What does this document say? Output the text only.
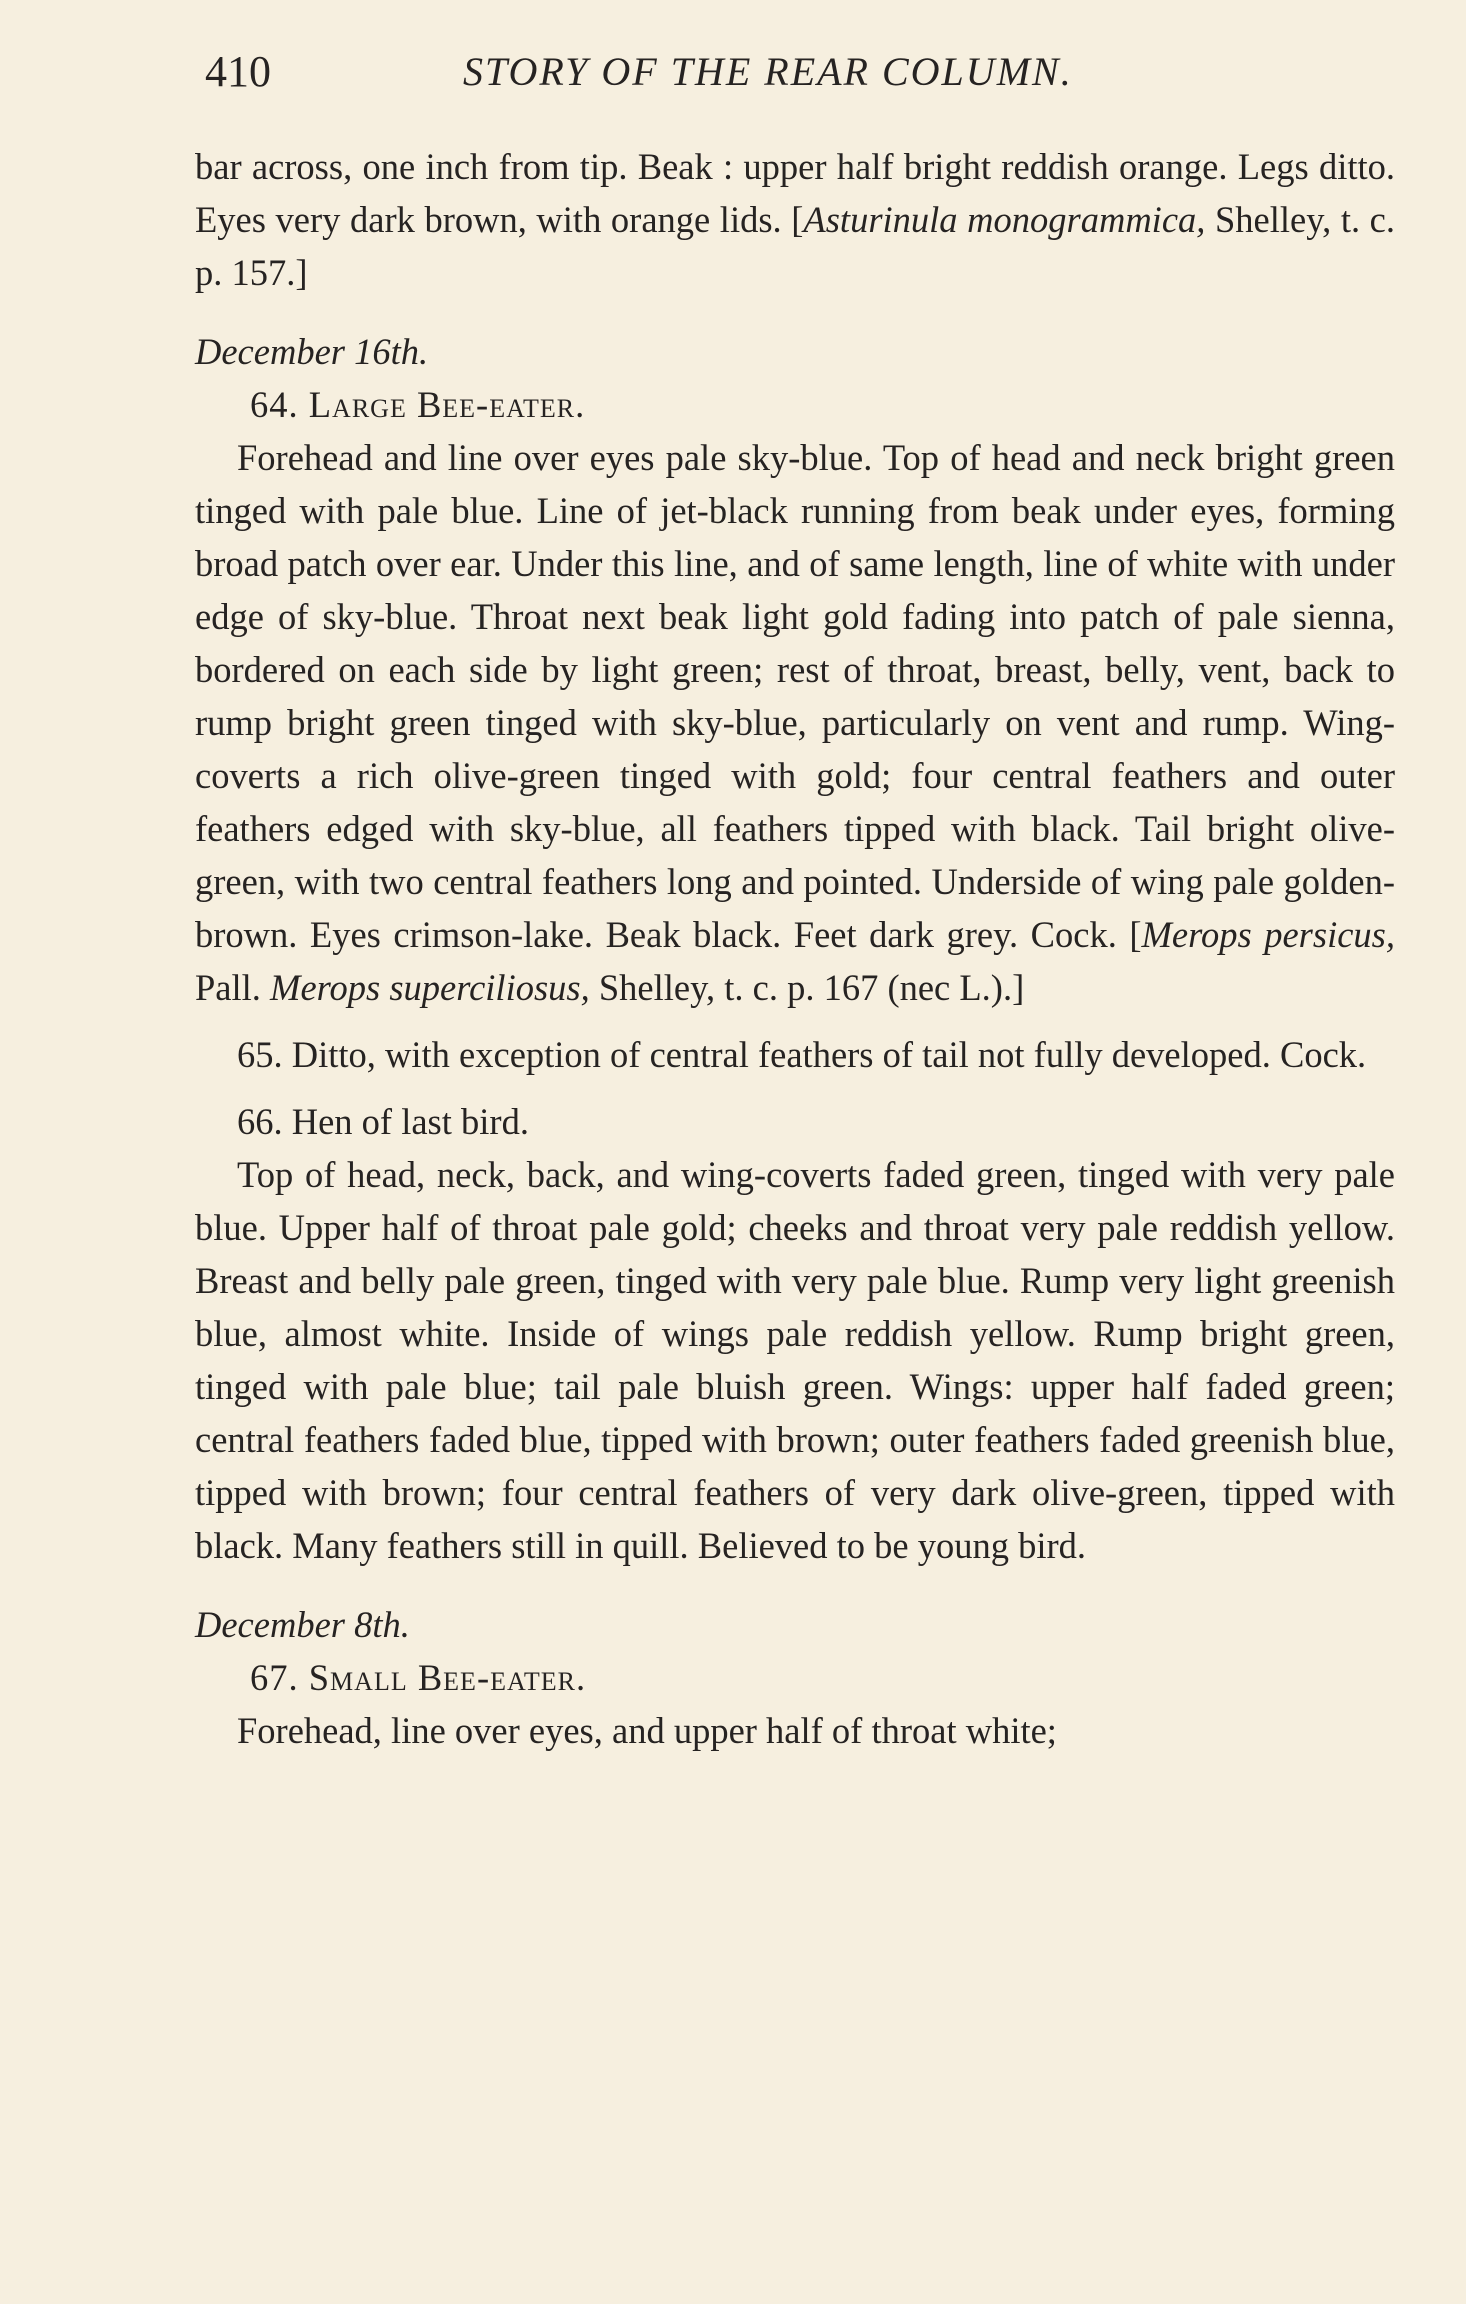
410	STORY OF THE REAR COLUMN.

bar across, one inch from tip. Beak : upper half bright reddish orange. Legs ditto. Eyes very dark brown, with orange lids. [Asturinula monogrammica, Shelley, t. c. p. 157.]

December 16th.

64. Large Bee-eater.

Forehead and line over eyes pale sky-blue. Top of head and neck bright green tinged with pale blue. Line of jet-black running from beak under eyes, forming broad patch over ear. Under this line, and of same length, line of white with under edge of sky-blue. Throat next beak light gold fading into patch of pale sienna, bordered on each side by light green; rest of throat, breast, belly, vent, back to rump bright green tinged with sky-blue, particularly on vent and rump. Wing-coverts a rich olive-green tinged with gold; four central feathers and outer feathers edged with sky-blue, all feathers tipped with black. Tail bright olive-green, with two central feathers long and pointed. Underside of wing pale golden-brown. Eyes crimson-lake. Beak black. Feet dark grey. Cock. [Merops persicus, Pall. Merops superciliosus, Shelley, t. c. p. 167 (nec L.).]

65. Ditto, with exception of central feathers of tail not fully developed. Cock.

66. Hen of last bird.

Top of head, neck, back, and wing-coverts faded green, tinged with very pale blue. Upper half of throat pale gold; cheeks and throat very pale reddish yellow. Breast and belly pale green, tinged with very pale blue. Rump very light greenish blue, almost white. Inside of wings pale reddish yellow. Rump bright green, tinged with pale blue; tail pale bluish green. Wings: upper half faded green; central feathers faded blue, tipped with brown; outer feathers faded greenish blue, tipped with brown; four central feathers of very dark olive-green, tipped with black. Many feathers still in quill. Believed to be young bird.

December 8th.

67. Small Bee-eater.

Forehead, line over eyes, and upper half of throat white;
